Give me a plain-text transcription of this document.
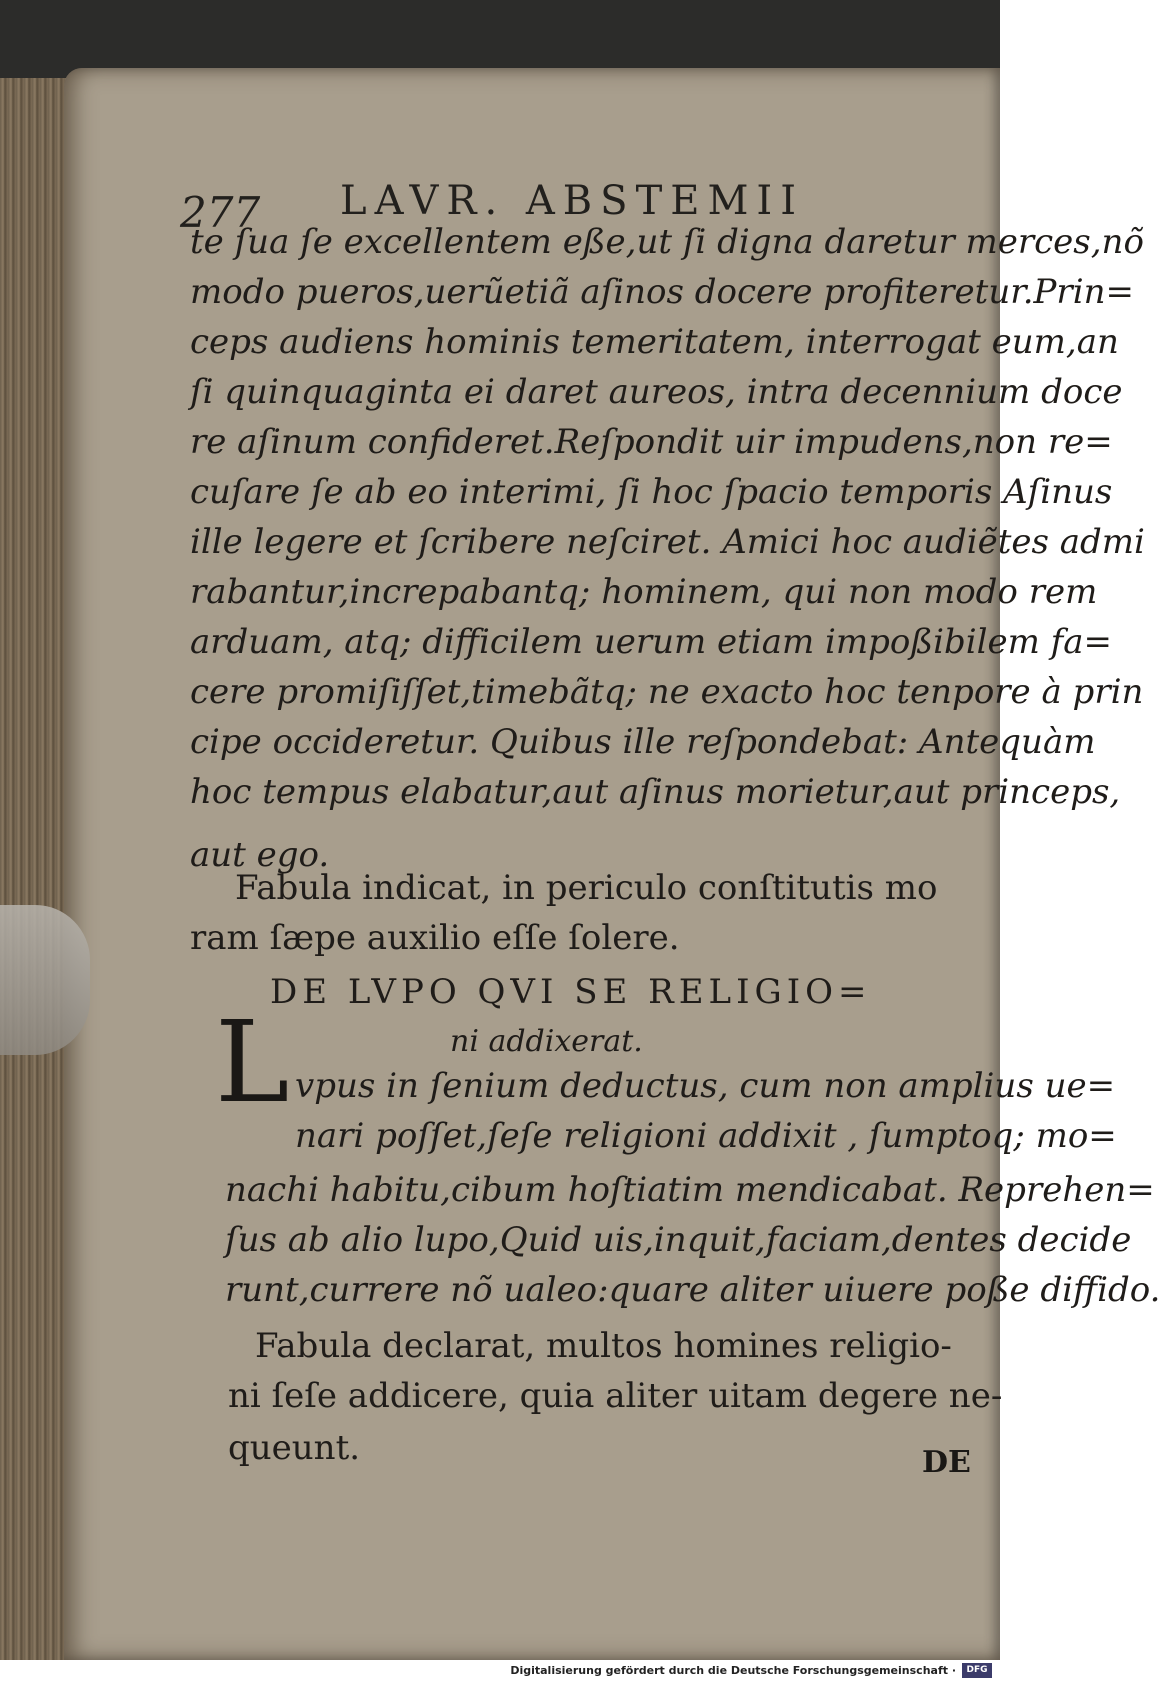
277 LAVR. ABSTEMII
te ſua ſe excellentem eße,ut ſi digna daretur merces,nõ
modo pueros,uerũetiã aſinos docere profiteretur.Prin=
ceps audiens hominis temeritatem, interrogat eum,an
ſi quinquaginta ei daret aureos, intra decennium doce
re aſinum confideret.Reſpondit uir impudens,non re=
cuſare ſe ab eo interimi, ſi hoc ſpacio temporis Aſinus
ille legere et ſcribere neſciret. Amici hoc audiẽtes admi
rabantur,increpabantq; hominem, qui non modo rem
arduam, atq; difficilem uerum etiam impoßibilem fa=
cere promiſiſſet,timebãtq; ne exacto hoc tenpore à prin
cipe occideretur. Quibus ille reſpondebat: Antequàm
hoc tempus elabatur,aut aſinus morietur,aut princeps,
aut ego.
Fabula indicat, in periculo conſtitutis mo
ram ſæpe auxilio eſſe ſolere.
DE LVPO QVI SE RELIGIO=
ni addixerat.
L vpus in ſenium deductus, cum non amplius ue=
nari poſſet,ſeſe religioni addixit , ſumptoq; mo=
nachi habitu,cibum hoſtiatim mendicabat. Reprehen=
ſus ab alio lupo,Quid uis,inquit,faciam,dentes decide
runt,currere nõ ualeo:quare aliter uiuere poße diffido.
Fabula declarat, multos homines religio-
ni ſeſe addicere, quia aliter uitam degere ne-
queunt.	DE
Digitalisierung gefördert durch die Deutsche Forschungsgemeinschaft ·	DFG
